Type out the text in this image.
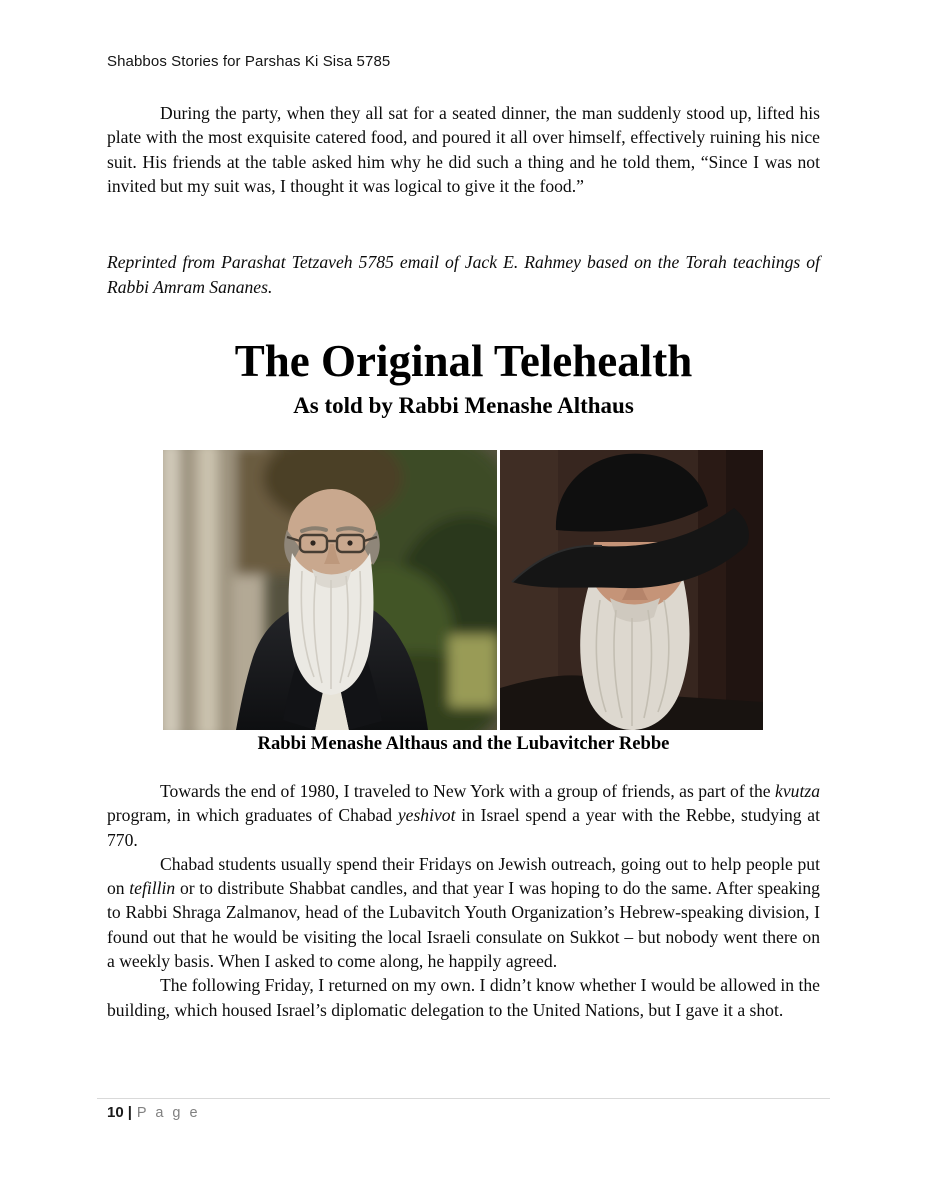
Shabbos Stories for Parshas Ki Sisa 5785

During the party, when they all sat for a seated dinner, the man suddenly stood up, lifted his plate with the most exquisite catered food, and poured it all over himself, effectively ruining his nice suit. His friends at the table asked him why he did such a thing and he told them, “Since I was not invited but my suit was, I thought it was logical to give it the food.”

Reprinted from Parashat Tetzaveh 5785 email of Jack E. Rahmey based on the Torah teachings of Rabbi Amram Sananes.

The Original Telehealth
As told by Rabbi Menashe Althaus

Rabbi Menashe Althaus and the Lubavitcher Rebbe

Towards the end of 1980, I traveled to New York with a group of friends, as part of the kvutza program, in which graduates of Chabad yeshivot in Israel spend a year with the Rebbe, studying at 770.

Chabad students usually spend their Fridays on Jewish outreach, going out to help people put on tefillin or to distribute Shabbat candles, and that year I was hoping to do the same. After speaking to Rabbi Shraga Zalmanov, head of the Lubavitch Youth Organization’s Hebrew-speaking division, I found out that he would be visiting the local Israeli consulate on Sukkot – but nobody went there on a weekly basis. When I asked to come along, he happily agreed.

The following Friday, I returned on my own. I didn’t know whether I would be allowed in the building, which housed Israel’s diplomatic delegation to the United Nations, but I gave it a shot.

10 | P a g e
